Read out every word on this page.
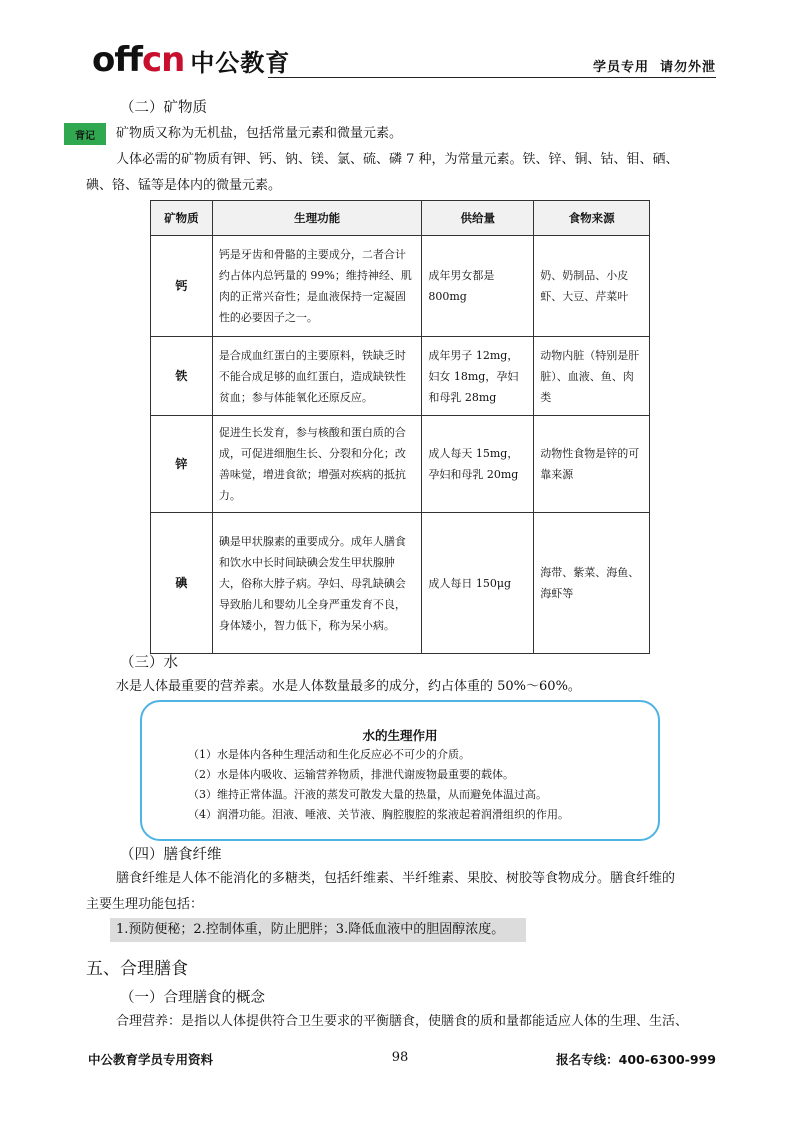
offcn 中公教育	学员专用  请勿外泄
（二）矿物质
背记	矿物质又称为无机盐，包括常量元素和微量元素。
人体必需的矿物质有钾、钙、钠、镁、氯、硫、磷 7 种，为常量元素。铁、锌、铜、钴、钼、硒、
碘、铬、锰等是体内的微量元素。
矿物质	生理功能	供给量	食物来源
钙	钙是牙齿和骨骼的主要成分，二者合计约占体内总钙量的 99%；维持神经、肌肉的正常兴奋性；是血液保持一定凝固性的必要因子之一。	成年男女都是 800mg	奶、奶制品、小皮虾、大豆、芹菜叶
铁	是合成血红蛋白的主要原料，铁缺乏时不能合成足够的血红蛋白，造成缺铁性贫血；参与体能氧化还原反应。	成年男子 12mg，妇女 18mg，孕妇和母乳 28mg	动物内脏（特别是肝脏）、血液、鱼、肉类
锌	促进生长发育，参与核酸和蛋白质的合成，可促进细胞生长、分裂和分化；改善味觉，增进食欲；增强对疾病的抵抗力。	成人每天 15mg，孕妇和母乳 20mg	动物性食物是锌的可靠来源
碘	碘是甲状腺素的重要成分。成年人膳食和饮水中长时间缺碘会发生甲状腺肿大，俗称大脖子病。孕妇、母乳缺碘会导致胎儿和婴幼儿全身严重发育不良，身体矮小，智力低下，称为呆小病。	成人每日 150μg	海带、紫菜、海鱼、海虾等
（三）水
水是人体最重要的营养素。水是人体数量最多的成分，约占体重的 50%～60%。
水的生理作用
（1）水是体内各种生理活动和生化反应必不可少的介质。
（2）水是体内吸收、运输营养物质，排泄代谢废物最重要的载体。
（3）维持正常体温。汗液的蒸发可散发大量的热量，从而避免体温过高。
（4）润滑功能。泪液、唾液、关节液、胸腔腹腔的浆液起着润滑组织的作用。
（四）膳食纤维
膳食纤维是人体不能消化的多糖类，包括纤维素、半纤维素、果胶、树胶等食物成分。膳食纤维的
主要生理功能包括：
1.预防便秘；2.控制体重，防止肥胖；3.降低血液中的胆固醇浓度。
五、合理膳食
（一）合理膳食的概念
合理营养：是指以人体提供符合卫生要求的平衡膳食，使膳食的质和量都能适应人体的生理、生活、
中公教育学员专用资料	98	报名专线：400-6300-999
